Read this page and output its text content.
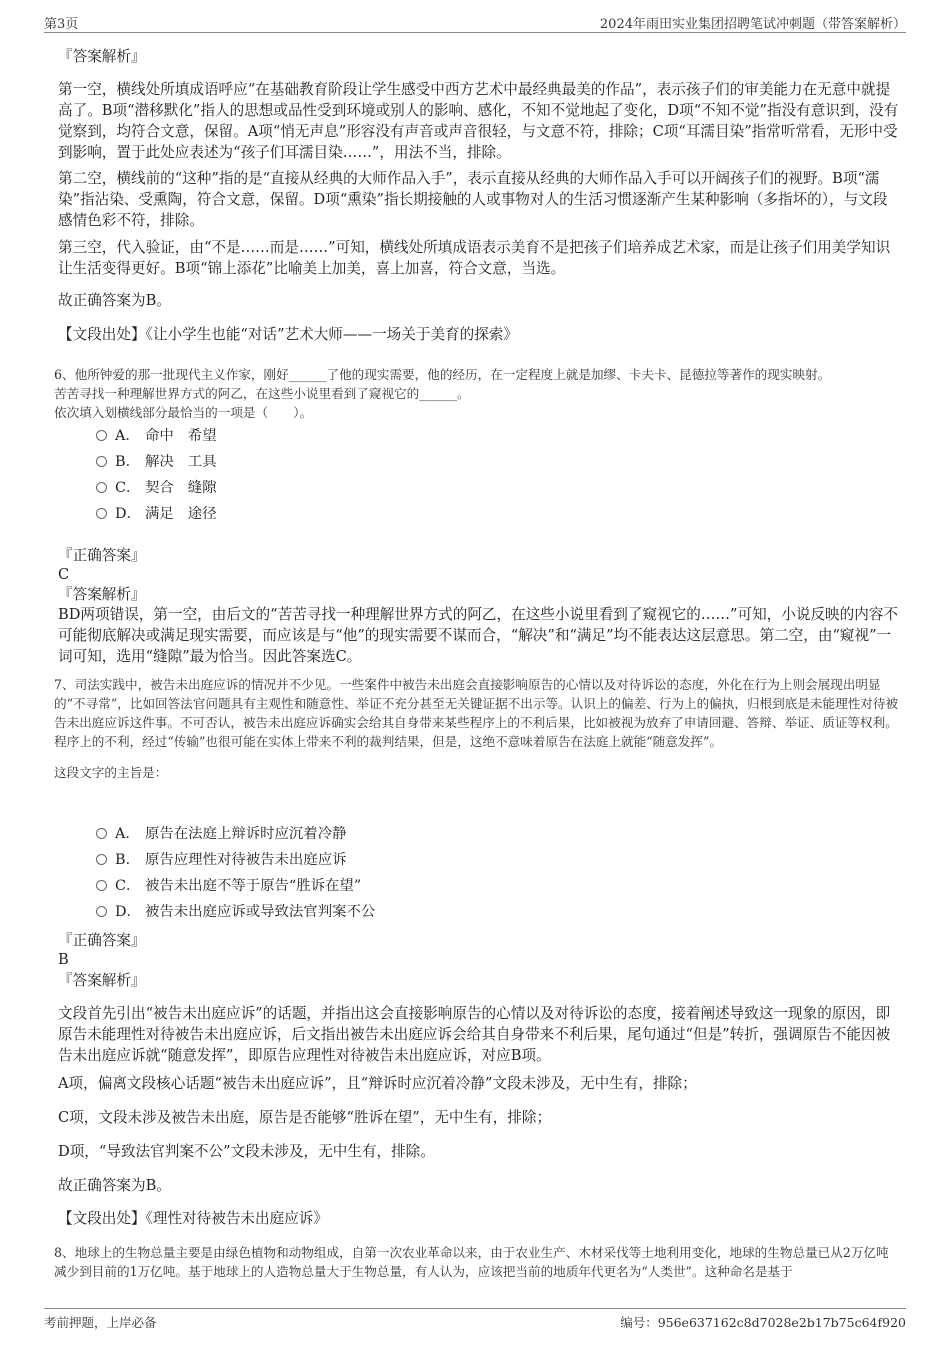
第3页	2024年雨田实业集团招聘笔试冲刺题（带答案解析）
『答案解析』

第一空，横线处所填成语呼应“在基础教育阶段让学生感受中西方艺术中最经典最美的作品”，表示孩子们的审美能力在无意中就提高了。B项“潜移默化”指人的思想或品性受到环境或别人的影响、感化，不知不觉地起了变化，D项“不知不觉”指没有意识到，没有觉察到，均符合文意，保留。A项“悄无声息”形容没有声音或声音很轻，与文意不符，排除；C项“耳濡目染”指常听常看，无形中受到影响，置于此处应表述为“孩子们耳濡目染……”，用法不当，排除。

第二空，横线前的“这种”指的是“直接从经典的大师作品入手”，表示直接从经典的大师作品入手可以开阔孩子们的视野。B项“濡染”指沾染、受熏陶，符合文意，保留。D项“熏染”指长期接触的人或事物对人的生活习惯逐渐产生某种影响（多指坏的），与文段感情色彩不符，排除。

第三空，代入验证，由“不是……而是……”可知，横线处所填成语表示美育不是把孩子们培养成艺术家，而是让孩子们用美学知识让生活变得更好。B项“锦上添花”比喻美上加美，喜上加喜，符合文意，当选。

故正确答案为B。
【文段出处】《让小学生也能“对话”艺术大师——一场关于美育的探索》

6、他所钟爱的那一批现代主义作家，刚好______了他的现实需要，他的经历，在一定程度上就是加缪、卡夫卡、昆德拉等著作的现实映射。

苦苦寻找一种理解世界方式的阿乙，在这些小说里看到了窥视它的______。

依次填入划横线部分最恰当的一项是（　　）。

A． 命中 希望
B． 解决 工具
C． 契合 缝隙
D． 满足 途径
『正确答案』
C
『答案解析』

BD两项错误，第一空，由后文的“苦苦寻找一种理解世界方式的阿乙，在这些小说里看到了窥视它的……”可知，小说反映的内容不可能彻底解决或满足现实需要，而应该是与“他”的现实需要不谋而合，“解决”和“满足”均不能表达这层意思。第二空，由“窥视”一词可知，选用“缝隙”最为恰当。因此答案选C。

7、司法实践中，被告未出庭应诉的情况并不少见。一些案件中被告未出庭会直接影响原告的心情以及对待诉讼的态度，外化在行为上则会展现出明显的“不寻常”，比如回答法官问题具有主观性和随意性、举证不充分甚至无关键证据不出示等。认识上的偏差、行为上的偏执，归根到底是未能理性对待被告未出庭应诉这件事。不可否认，被告未出庭应诉确实会给其自身带来某些程序上的不利后果，比如被视为放弃了申请回避、答辩、举证、质证等权利。程序上的不利，经过“传输”也很可能在实体上带来不利的裁判结果，但是，这绝不意味着原告在法庭上就能“随意发挥”。

这段文字的主旨是：

A． 原告在法庭上辩诉时应沉着冷静
B． 原告应理性对待被告未出庭应诉
C． 被告未出庭不等于原告“胜诉在望”
D． 被告未出庭应诉或导致法官判案不公
『正确答案』
B
『答案解析』

文段首先引出“被告未出庭应诉”的话题，并指出这会直接影响原告的心情以及对待诉讼的态度，接着阐述导致这一现象的原因，即原告未能理性对待被告未出庭应诉，后文指出被告未出庭应诉会给其自身带来不利后果，尾句通过“但是”转折，强调原告不能因被告未出庭应诉就“随意发挥”，即原告应理性对待被告未出庭应诉，对应B项。

A项，偏离文段核心话题“被告未出庭应诉”，且“辩诉时应沉着冷静”文段未涉及，无中生有，排除；

C项，文段未涉及被告未出庭，原告是否能够“胜诉在望”，无中生有，排除；

D项，“导致法官判案不公”文段未涉及，无中生有，排除。

故正确答案为B。
【文段出处】《理性对待被告未出庭应诉》

8、地球上的生物总量主要是由绿色植物和动物组成，自第一次农业革命以来，由于农业生产、木材采伐等土地利用变化，地球的生物总量已从2万亿吨减少到目前的1万亿吨。基于地球上的人造物总量大于生物总量，有人认为，应该把当前的地质年代更名为“人类世”。这种命名是基于

考前押题，上岸必备	编号：956e637162c8d7028e2b17b75c64f920
